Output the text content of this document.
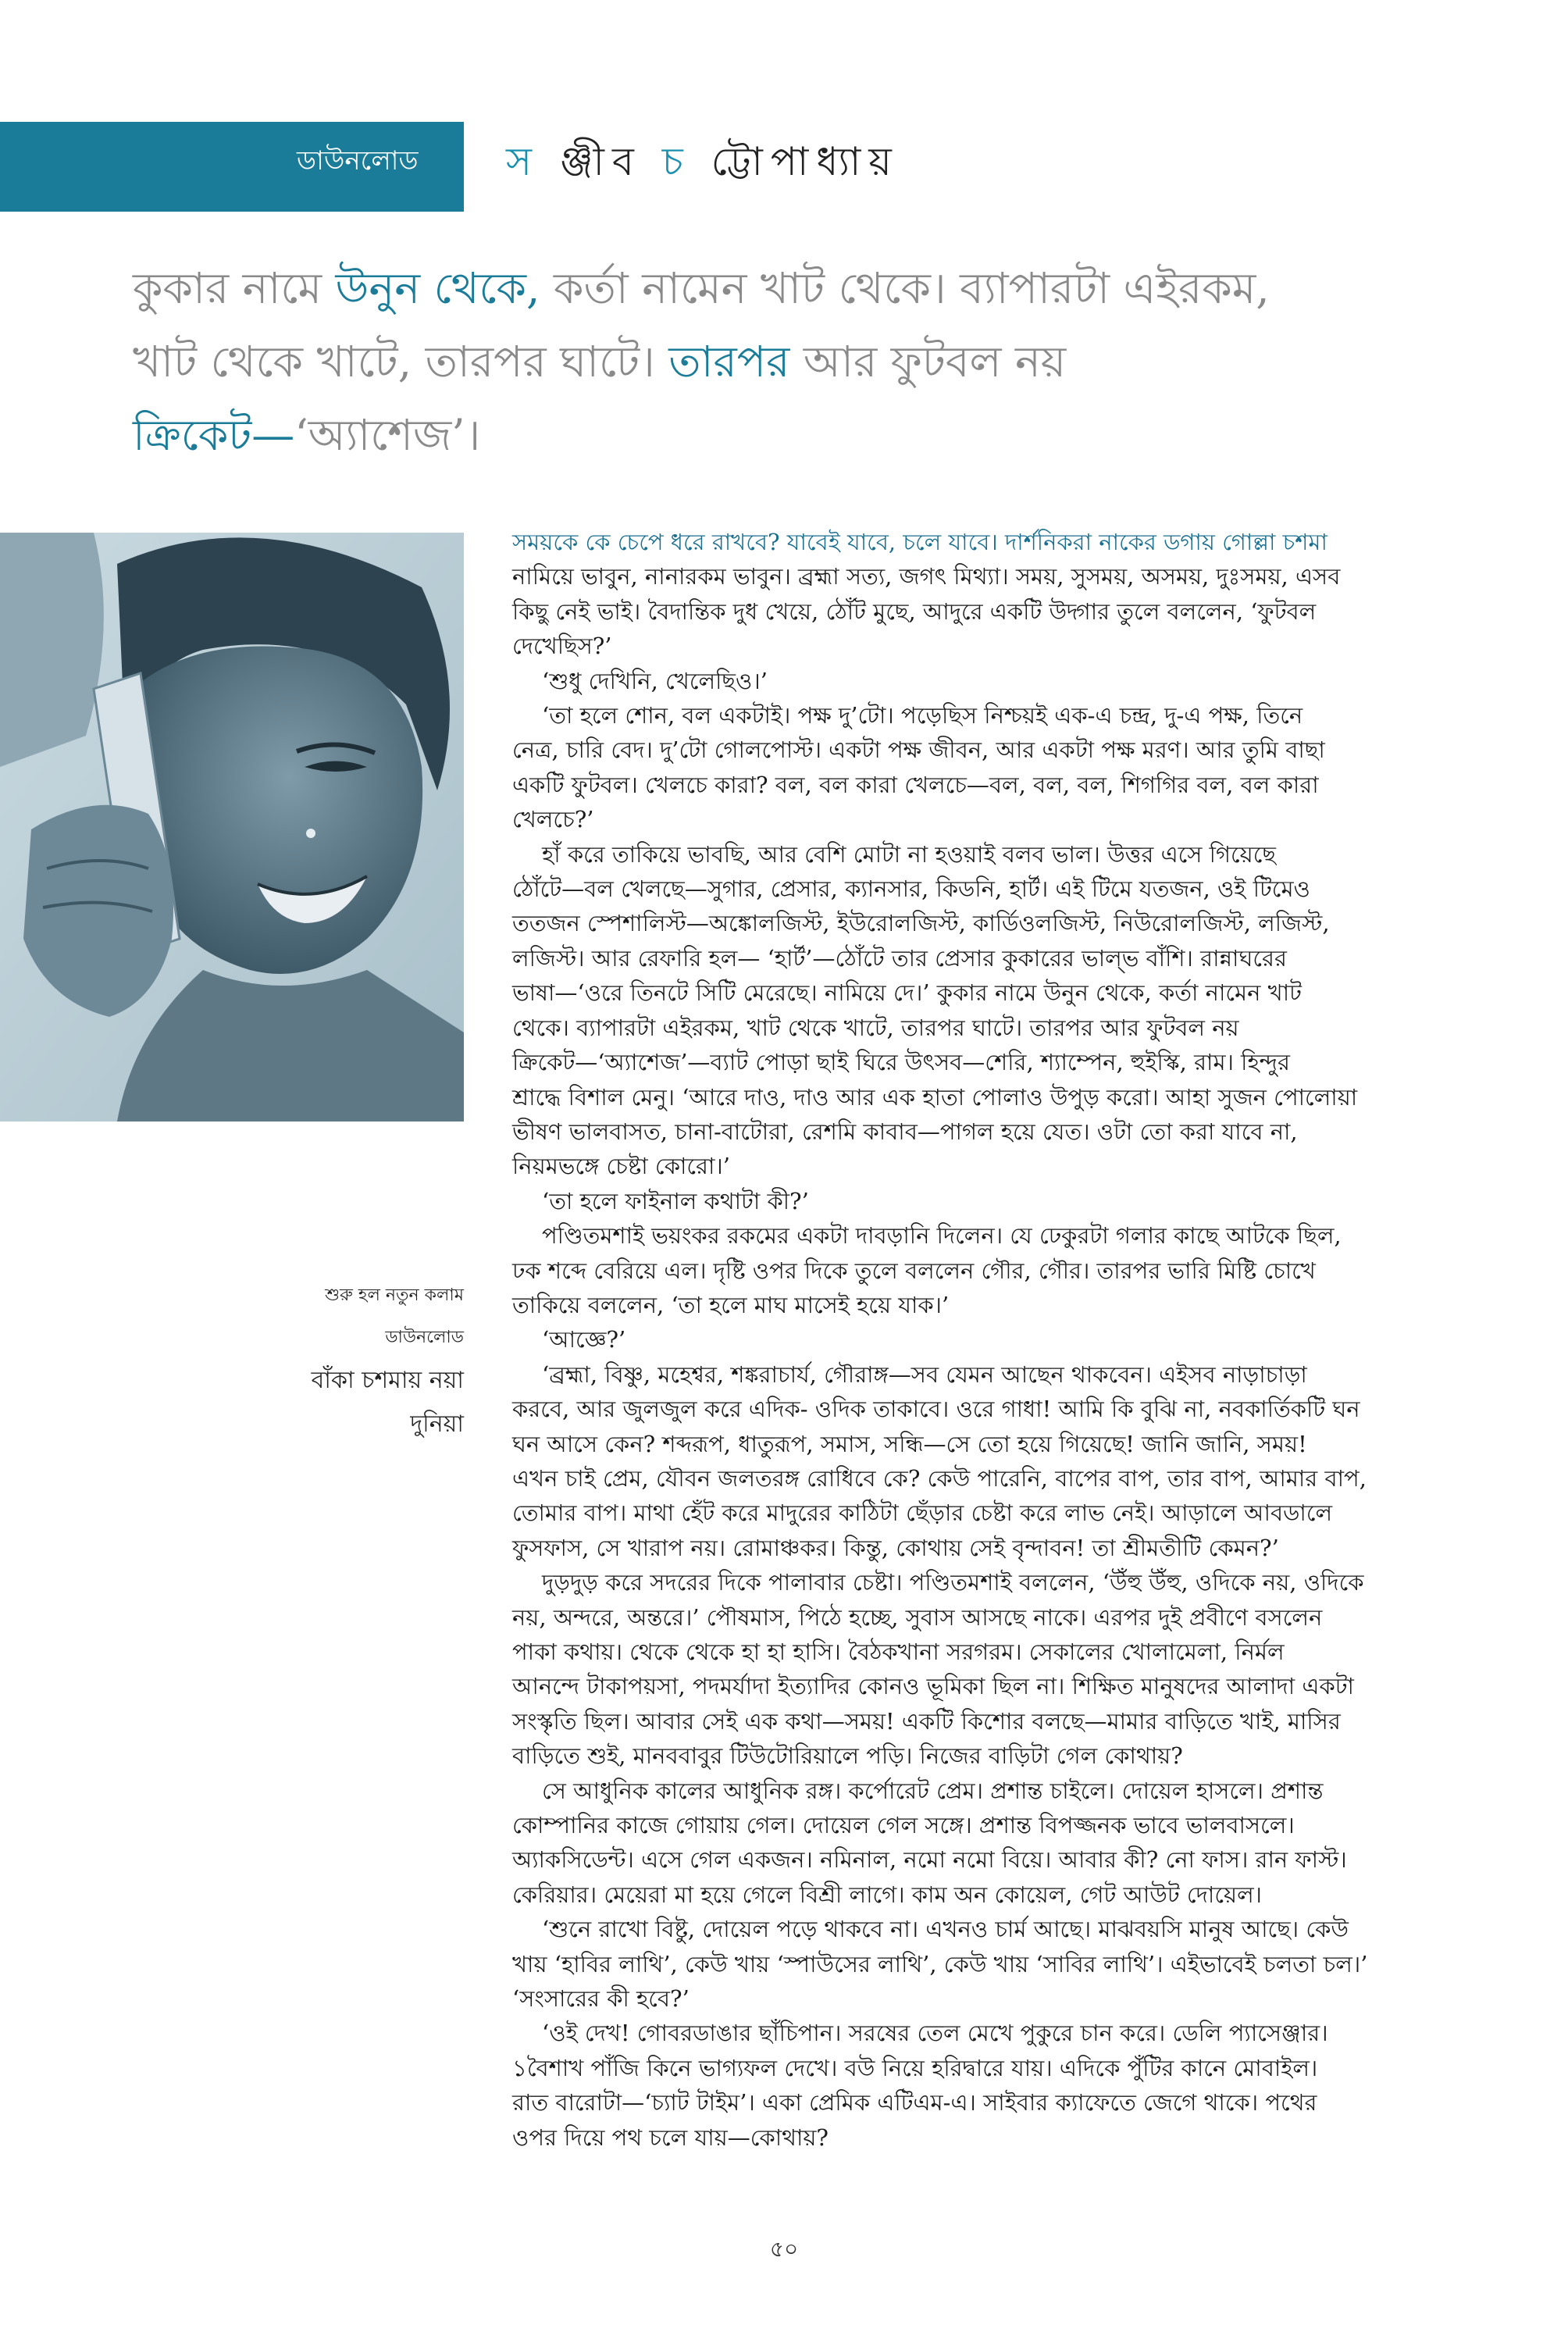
ডাউনলোড স ঞ্জীব চ ট্টোপাধ্যায়
কুকার নামে উনুন থেকে, কর্তা নামেন খাট থেকে। ব্যাপারটা এইরকম,
খাট থেকে খাটে, তারপর ঘাটে। তারপর আর ফুটবল নয়
ক্রিকেট—‘অ্যাশেজ’।
শুরু হল নতুন কলাম
ডাউনলোড
বাঁকা চশমায় নয়া
দুনিয়া
সময়কে কে চেপে ধরে রাখবে? যাবেই যাবে, চলে যাবে। দার্শনিকরা নাকের ডগায় গোল্লা চশমা
নামিয়ে ভাবুন, নানারকম ভাবুন। ব্রহ্মা সত্য, জগৎ মিথ্যা। সময়, সুসময়, অসময়, দুঃসময়, এসব
কিছু নেই ভাই। বৈদান্তিক দুধ খেয়ে, ঠোঁট মুছে, আদুরে একটি উদ্গার তুলে বললেন, ‘ফুটবল
দেখেছিস?’
‘শুধু দেখিনি, খেলেছিও।’
‘তা হলে শোন, বল একটাই। পক্ষ দু’টো। পড়েছিস নিশ্চয়ই এক-এ চন্দ্র, দু-এ পক্ষ, তিনে
নেত্র, চারি বেদ। দু’টো গোলপোস্ট। একটা পক্ষ জীবন, আর একটা পক্ষ মরণ। আর তুমি বাছা
একটি ফুটবল। খেলচে কারা? বল, বল কারা খেলচে—বল, বল, বল, শিগগির বল, বল কারা
খেলচে?’
হাঁ করে তাকিয়ে ভাবছি, আর বেশি মোটা না হওয়াই বলব ভাল। উত্তর এসে গিয়েছে
ঠোঁটে—বল খেলছে—সুগার, প্রেসার, ক্যানসার, কিডনি, হার্ট। এই টিমে যতজন, ওই টিমেও
ততজন স্পেশালিস্ট—অঙ্কোলজিস্ট, ইউরোলজিস্ট, কার্ডিওলজিস্ট, নিউরোলজিস্ট, লজিস্ট,
লজিস্ট। আর রেফারি হল— ‘হার্ট’—ঠোঁটে তার প্রেসার কুকারের ভাল্ভ বাঁশি। রান্নাঘরের
ভাষা—‘ওরে তিনটে সিটি মেরেছে। নামিয়ে দে।’ কুকার নামে উনুন থেকে, কর্তা নামেন খাট
থেকে। ব্যাপারটা এইরকম, খাট থেকে খাটে, তারপর ঘাটে। তারপর আর ফুটবল নয়
ক্রিকেট—‘অ্যাশেজ’—ব্যাট পোড়া ছাই ঘিরে উৎসব—শেরি, শ্যাম্পেন, হুইস্কি, রাম। হিন্দুর
শ্রাদ্ধে বিশাল মেনু। ‘আরে দাও, দাও আর এক হাতা পোলাও উপুড় করো। আহা সুজন পোলোয়া
ভীষণ ভালবাসত, চানা-বাটোরা, রেশমি কাবাব—পাগল হয়ে যেত। ওটা তো করা যাবে না,
নিয়মভঙ্গে চেষ্টা কোরো।’
‘তা হলে ফাইনাল কথাটা কী?’
পণ্ডিতমশাই ভয়ংকর রকমের একটা দাবড়ানি দিলেন। যে ঢেকুরটা গলার কাছে আটকে ছিল,
ঢক শব্দে বেরিয়ে এল। দৃষ্টি ওপর দিকে তুলে বললেন গৌর, গৌর। তারপর ভারি মিষ্টি চোখে
তাকিয়ে বললেন, ‘তা হলে মাঘ মাসেই হয়ে যাক।’
‘আজ্ঞে?’
‘ব্রহ্মা, বিষ্ণু, মহেশ্বর, শঙ্করাচার্য, গৌরাঙ্গ—সব যেমন আছেন থাকবেন। এইসব নাড়াচাড়া
করবে, আর জুলজুল করে এদিক- ওদিক তাকাবে। ওরে গাধা! আমি কি বুঝি না, নবকার্তিকটি ঘন
ঘন আসে কেন? শব্দরূপ, ধাতুরূপ, সমাস, সন্ধি—সে তো হয়ে গিয়েছে! জানি জানি, সময়!
এখন চাই প্রেম, যৌবন জলতরঙ্গ রোধিবে কে? কেউ পারেনি, বাপের বাপ, তার বাপ, আমার বাপ,
তোমার বাপ। মাথা হেঁট করে মাদুরের কাঠিটা ছেঁড়ার চেষ্টা করে লাভ নেই। আড়ালে আবডালে
ফুসফাস, সে খারাপ নয়। রোমাঞ্চকর। কিন্তু, কোথায় সেই বৃন্দাবন! তা শ্রীমতীটি কেমন?’
দুড়দুড় করে সদরের দিকে পালাবার চেষ্টা। পণ্ডিতমশাই বললেন, ‘উঁহু উঁহু, ওদিকে নয়, ওদিকে
নয়, অন্দরে, অন্তরে।’ পৌষমাস, পিঠে হচ্ছে, সুবাস আসছে নাকে। এরপর দুই প্রবীণে বসলেন
পাকা কথায়। থেকে থেকে হা হা হাসি। বৈঠকখানা সরগরম। সেকালের খোলামেলা, নির্মল
আনন্দে টাকাপয়সা, পদমর্যাদা ইত্যাদির কোনও ভূমিকা ছিল না। শিক্ষিত মানুষদের আলাদা একটা
সংস্কৃতি ছিল। আবার সেই এক কথা—সময়! একটি কিশোর বলছে—মামার বাড়িতে খাই, মাসির
বাড়িতে শুই, মানববাবুর টিউটোরিয়ালে পড়ি। নিজের বাড়িটা গেল কোথায়?
সে আধুনিক কালের আধুনিক রঙ্গ। কর্পোরেট প্রেম। প্রশান্ত চাইলে। দোয়েল হাসলে। প্রশান্ত
কোম্পানির কাজে গোয়ায় গেল। দোয়েল গেল সঙ্গে। প্রশান্ত বিপজ্জনক ভাবে ভালবাসলে।
অ্যাকসিডেন্ট। এসে গেল একজন। নমিনাল, নমো নমো বিয়ে। আবার কী? নো ফাস। রান ফাস্ট।
কেরিয়ার। মেয়েরা মা হয়ে গেলে বিশ্রী লাগে। কাম অন কোয়েল, গেট আউট দোয়েল।
‘শুনে রাখো বিষ্টু, দোয়েল পড়ে থাকবে না। এখনও চার্ম আছে। মাঝবয়সি মানুষ আছে। কেউ
খায় ‘হাবির লাথি’, কেউ খায় ‘স্পাউসের লাথি’, কেউ খায় ‘সাবির লাথি’। এইভাবেই চলতা চল।’
‘সংসারের কী হবে?’
‘ওই দেখ! গোবরডাঙার ছাঁচিপান। সরষের তেল মেখে পুকুরে চান করে। ডেলি প্যাসেঞ্জার।
১বৈশাখ পাঁজি কিনে ভাগ্যফল দেখে। বউ নিয়ে হরিদ্বারে যায়। এদিকে পুঁটির কানে মোবাইল।
রাত বারোটা—‘চ্যাট টাইম’। একা প্রেমিক এটিএম-এ। সাইবার ক্যাফেতে জেগে থাকে। পথের
ওপর দিয়ে পথ চলে যায়—কোথায়?
৫০
